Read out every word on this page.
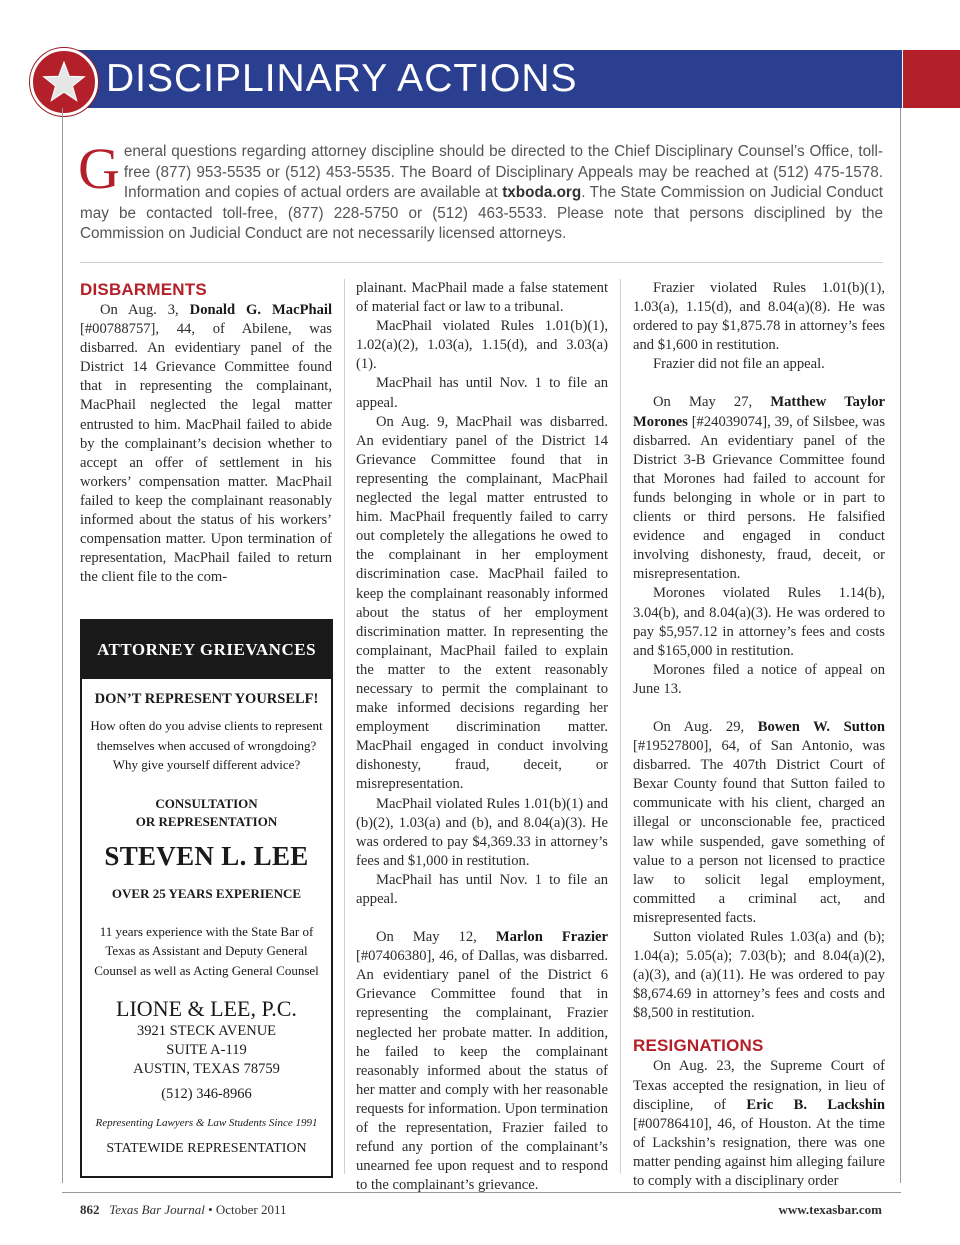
DISCIPLINARY ACTIONS
General questions regarding attorney discipline should be directed to the Chief Disciplinary Counsel’s Office, toll-free (877) 953-5535 or (512) 453-5535. The Board of Disciplinary Appeals may be reached at (512) 475-1578. Information and copies of actual orders are available at txboda.org. The State Commission on Judicial Conduct may be contacted toll-free, (877) 228-5750 or (512) 463-5533. Please note that persons disciplined by the Commission on Judicial Conduct are not necessarily licensed attorneys.

DISBARMENTS

On Aug. 3, Donald G. MacPhail [#00788757], 44, of Abilene, was disbarred. An evidentiary panel of the District 14 Grievance Committee found that in representing the complainant, MacPhail neglected the legal matter entrusted to him. MacPhail failed to abide by the complainant’s decision whether to accept an offer of settlement in his workers’ compensation matter. MacPhail failed to keep the complainant reasonably informed about the status of his workers’ compensation matter. Upon termination of representation, MacPhail failed to return the client file to the com-

ATTORNEY GRIEVANCES
DON’T REPRESENT YOURSELF!
How often do you advise clients to represent themselves when accused of wrongdoing? Why give yourself different advice?
CONSULTATION
OR REPRESENTATION
STEVEN L. LEE
OVER 25 YEARS EXPERIENCE
11 years experience with the State Bar of Texas as Assistant and Deputy General Counsel as well as Acting General Counsel
LIONE & LEE, P.C.
3921 STECK AVENUE
SUITE A-119
AUSTIN, TEXAS 78759
(512) 346-8966
Representing Lawyers & Law Students Since 1991
STATEWIDE REPRESENTATION

plainant. MacPhail made a false statement of material fact or law to a tribunal.

MacPhail violated Rules 1.01(b)(1), 1.02(a)(2), 1.03(a), 1.15(d), and 3.03(a)(1).

MacPhail has until Nov. 1 to file an appeal.

On Aug. 9, MacPhail was disbarred. An evidentiary panel of the District 14 Grievance Committee found that in representing the complainant, MacPhail neglected the legal matter entrusted to him. MacPhail frequently failed to carry out completely the allegations he owed to the complainant in her employment discrimination case. MacPhail failed to keep the complainant reasonably informed about the status of her employment discrimination matter. In representing the complainant, MacPhail failed to explain the matter to the extent reasonably necessary to permit the complainant to make informed decisions regarding her employment discrimination matter. MacPhail engaged in conduct involving dishonesty, fraud, deceit, or misrepresentation.

MacPhail violated Rules 1.01(b)(1) and (b)(2), 1.03(a) and (b), and 8.04(a)(3). He was ordered to pay $4,369.33 in attorney’s fees and $1,000 in restitution.

MacPhail has until Nov. 1 to file an appeal.

On May 12, Marlon Frazier [#07406380], 46, of Dallas, was disbarred. An evidentiary panel of the District 6 Grievance Committee found that in representing the complainant, Frazier neglected her probate matter. In addition, he failed to keep the complainant reasonably informed about the status of her matter and comply with her reasonable requests for information. Upon termination of the representation, Frazier failed to refund any portion of the complainant’s unearned fee upon request and to respond to the complainant’s grievance.

Frazier violated Rules 1.01(b)(1), 1.03(a), 1.15(d), and 8.04(a)(8). He was ordered to pay $1,875.78 in attorney’s fees and $1,600 in restitution.

Frazier did not file an appeal.

On May 27, Matthew Taylor Morones [#24039074], 39, of Silsbee, was disbarred. An evidentiary panel of the District 3-B Grievance Committee found that Morones had failed to account for funds belonging in whole or in part to clients or third persons. He falsified evidence and engaged in conduct involving dishonesty, fraud, deceit, or misrepresentation.

Morones violated Rules 1.14(b), 3.04(b), and 8.04(a)(3). He was ordered to pay $5,957.12 in attorney’s fees and costs and $165,000 in restitution.

Morones filed a notice of appeal on June 13.

On Aug. 29, Bowen W. Sutton [#19527800], 64, of San Antonio, was disbarred. The 407th District Court of Bexar County found that Sutton failed to communicate with his client, charged an illegal or unconscionable fee, practiced law while suspended, gave something of value to a person not licensed to practice law to solicit legal employment, committed a criminal act, and misrepresented facts.

Sutton violated Rules 1.03(a) and (b); 1.04(a); 5.05(a); 7.03(b); and 8.04(a)(2), (a)(3), and (a)(11). He was ordered to pay $8,674.69 in attorney’s fees and costs and $8,500 in restitution.

RESIGNATIONS

On Aug. 23, the Supreme Court of Texas accepted the resignation, in lieu of discipline, of Eric B. Lackshin [#00786410], 46, of Houston. At the time of Lackshin’s resignation, there was one matter pending against him alleging failure to comply with a disciplinary order

862 Texas Bar Journal • October 2011	www.texasbar.com
